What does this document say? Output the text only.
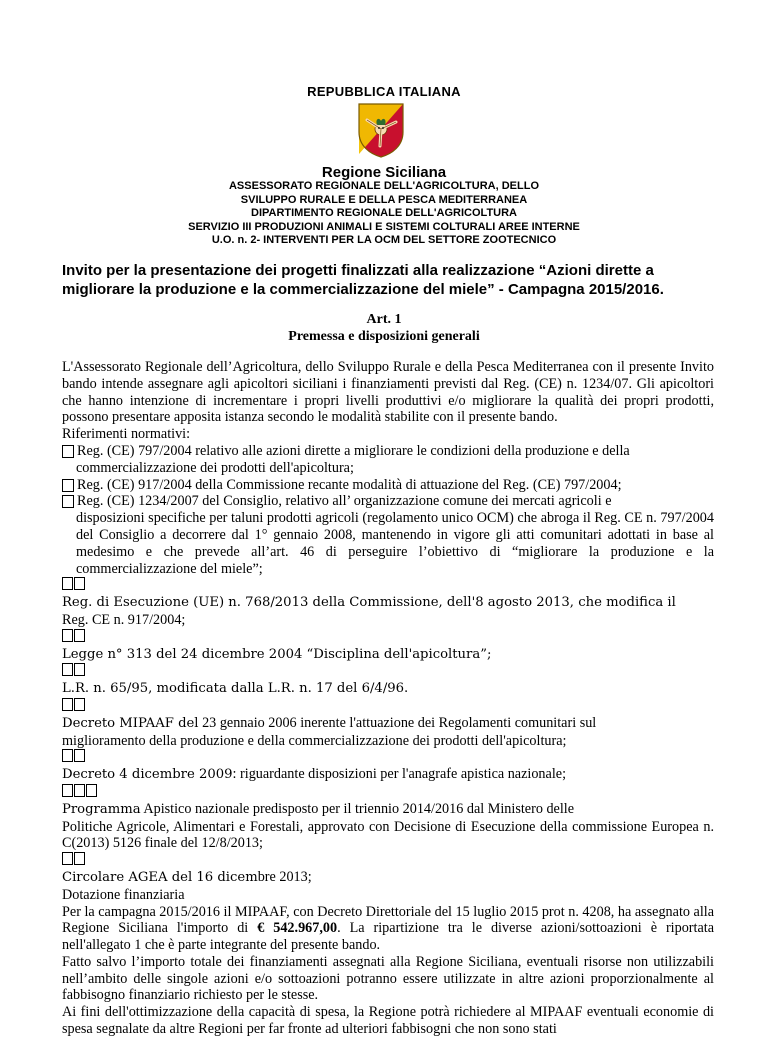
REPUBBLICA ITALIANA
Regione Siciliana
ASSESSORATO REGIONALE DELL'AGRICOLTURA, DELLO
SVILUPPO RURALE E DELLA PESCA MEDITERRANEA
DIPARTIMENTO REGIONALE DELL'AGRICOLTURA
SERVIZIO III PRODUZIONI ANIMALI E SISTEMI COLTURALI AREE INTERNE
U.O. n. 2- INTERVENTI PER LA OCM DEL SETTORE ZOOTECNICO
Invito per la presentazione dei progetti finalizzati alla realizzazione “Azioni dirette a
migliorare la produzione e la commercializzazione del miele” - Campagna 2015/2016.
Art. 1
Premessa e disposizioni generali

L'Assessorato Regionale dell’Agricoltura, dello Sviluppo Rurale e della Pesca Mediterranea con il presente Invito bando intende assegnare agli apicoltori siciliani i finanziamenti previsti dal Reg. (CE) n. 1234/07. Gli apicoltori che hanno intenzione di incrementare i propri livelli produttivi e/o migliorare la qualità dei propri prodotti, possono presentare apposita istanza secondo le modalità stabilite con il presente bando.

Riferimenti normativi:

Reg. (CE) 797/2004 relativo alle azioni dirette a migliorare le condizioni della produzione e della

commercializzazione dei prodotti dell'apicoltura;

Reg. (CE) 917/2004 della Commissione recante modalità di attuazione del Reg. (CE) 797/2004;
Reg. (CE) 1234/2007 del Consiglio, relativo all’ organizzazione comune dei mercati agricoli e

disposizioni specifiche per taluni prodotti agricoli (regolamento unico OCM) che abroga il Reg. CE n. 797/2004 del Consiglio a decorrere dal 1° gennaio 2008, mantenendo in vigore gli atti comunitari adottati in base al medesimo e che prevede all’art. 46 di perseguire l’obiettivo di “migliorare la produzione e la commercializzazione del miele”;

Reg. di Esecuzione (UE) n. 768/2013 della Commissione, dell'8 agosto 2013, che modifica il

Reg. CE n. 917/2004;

Legge n° 313 del 24 dicembre 2004 “Disciplina dell'apicoltura”;

L.R. n. 65/95, modificata dalla L.R. n. 17 del 6/4/96.

Decreto MIPAAF del 23 gennaio 2006 inerente l'attuazione dei Regolamenti comunitari sul

miglioramento della produzione e della commercializzazione dei prodotti dell'apicoltura;

Decreto 4 dicembre 2009: riguardante disposizioni per l'anagrafe apistica nazionale;

Programma Apistico nazionale predisposto per il triennio 2014/2016 dal Ministero delle

Politiche Agricole, Alimentari e Forestali, approvato con Decisione di Esecuzione della commissione Europea n. C(2013) 5126 finale del 12/8/2013;

Circolare AGEA del 16 dicembre 2013;

Dotazione finanziaria

Per la campagna 2015/2016 il MIPAAF, con Decreto Direttoriale del 15 luglio 2015 prot n. 4208, ha assegnato alla Regione Siciliana l'importo di € 542.967,00. La ripartizione tra le diverse azioni/sottoazioni è riportata nell'allegato 1 che è parte integrante del presente bando.

Fatto salvo l’importo totale dei finanziamenti assegnati alla Regione Siciliana, eventuali risorse non utilizzabili nell’ambito delle singole azioni e/o sottoazioni potranno essere utilizzate in altre azioni proporzionalmente al fabbisogno finanziario richiesto per le stesse.

Ai fini dell'ottimizzazione della capacità di spesa, la Regione potrà richiedere al MIPAAF eventuali economie di spesa segnalate da altre Regioni per far fronte ad ulteriori fabbisogni che non sono stati
